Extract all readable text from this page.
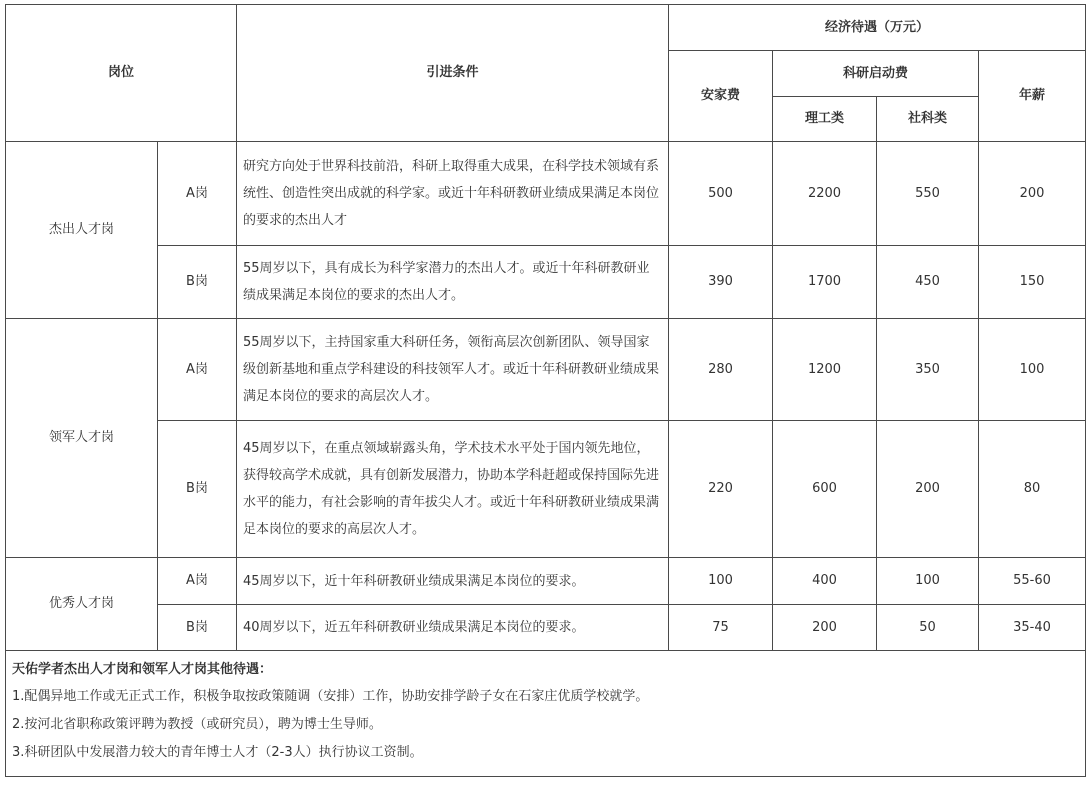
岗位		引进条件	经济待遇（万元）			
			安家费	科研启动费		年薪
				理工类	社科类	
杰出人才岗	A岗	研究方向处于世界科技前沿，科研上取得重大成果，在科学技术领域有系统性、创造性突出成就的科学家。或近十年科研教研业绩成果满足本岗位的要求的杰出人才	500	2200	550	200
	B岗	55周岁以下，具有成长为科学家潜力的杰出人才。或近十年科研教研业绩成果满足本岗位的要求的杰出人才。	390	1700	450	150
领军人才岗	A岗	55周岁以下，主持国家重大科研任务，领衔高层次创新团队、领导国家级创新基地和重点学科建设的科技领军人才。或近十年科研教研业绩成果满足本岗位的要求的高层次人才。	280	1200	350	100
	B岗	45周岁以下，在重点领域崭露头角，学术技术水平处于国内领先地位，获得较高学术成就，具有创新发展潜力，协助本学科赶超或保持国际先进水平的能力，有社会影响的青年拔尖人才。或近十年科研教研业绩成果满足本岗位的要求的高层次人才。	220	600	200	80
优秀人才岗	A岗	45周岁以下，近十年科研教研业绩成果满足本岗位的要求。	100	400	100	55-60
	B岗	40周岁以下，近五年科研教研业绩成果满足本岗位的要求。	75	200	50	35-40

天佑学者杰出人才岗和领军人才岗其他待遇：
1.配偶异地工作或无正式工作，积极争取按政策随调（安排）工作，协助安排学龄子女在石家庄优质学校就学。
2.按河北省职称政策评聘为教授（或研究员），聘为博士生导师。
3.科研团队中发展潜力较大的青年博士人才（2-3人）执行协议工资制。						
